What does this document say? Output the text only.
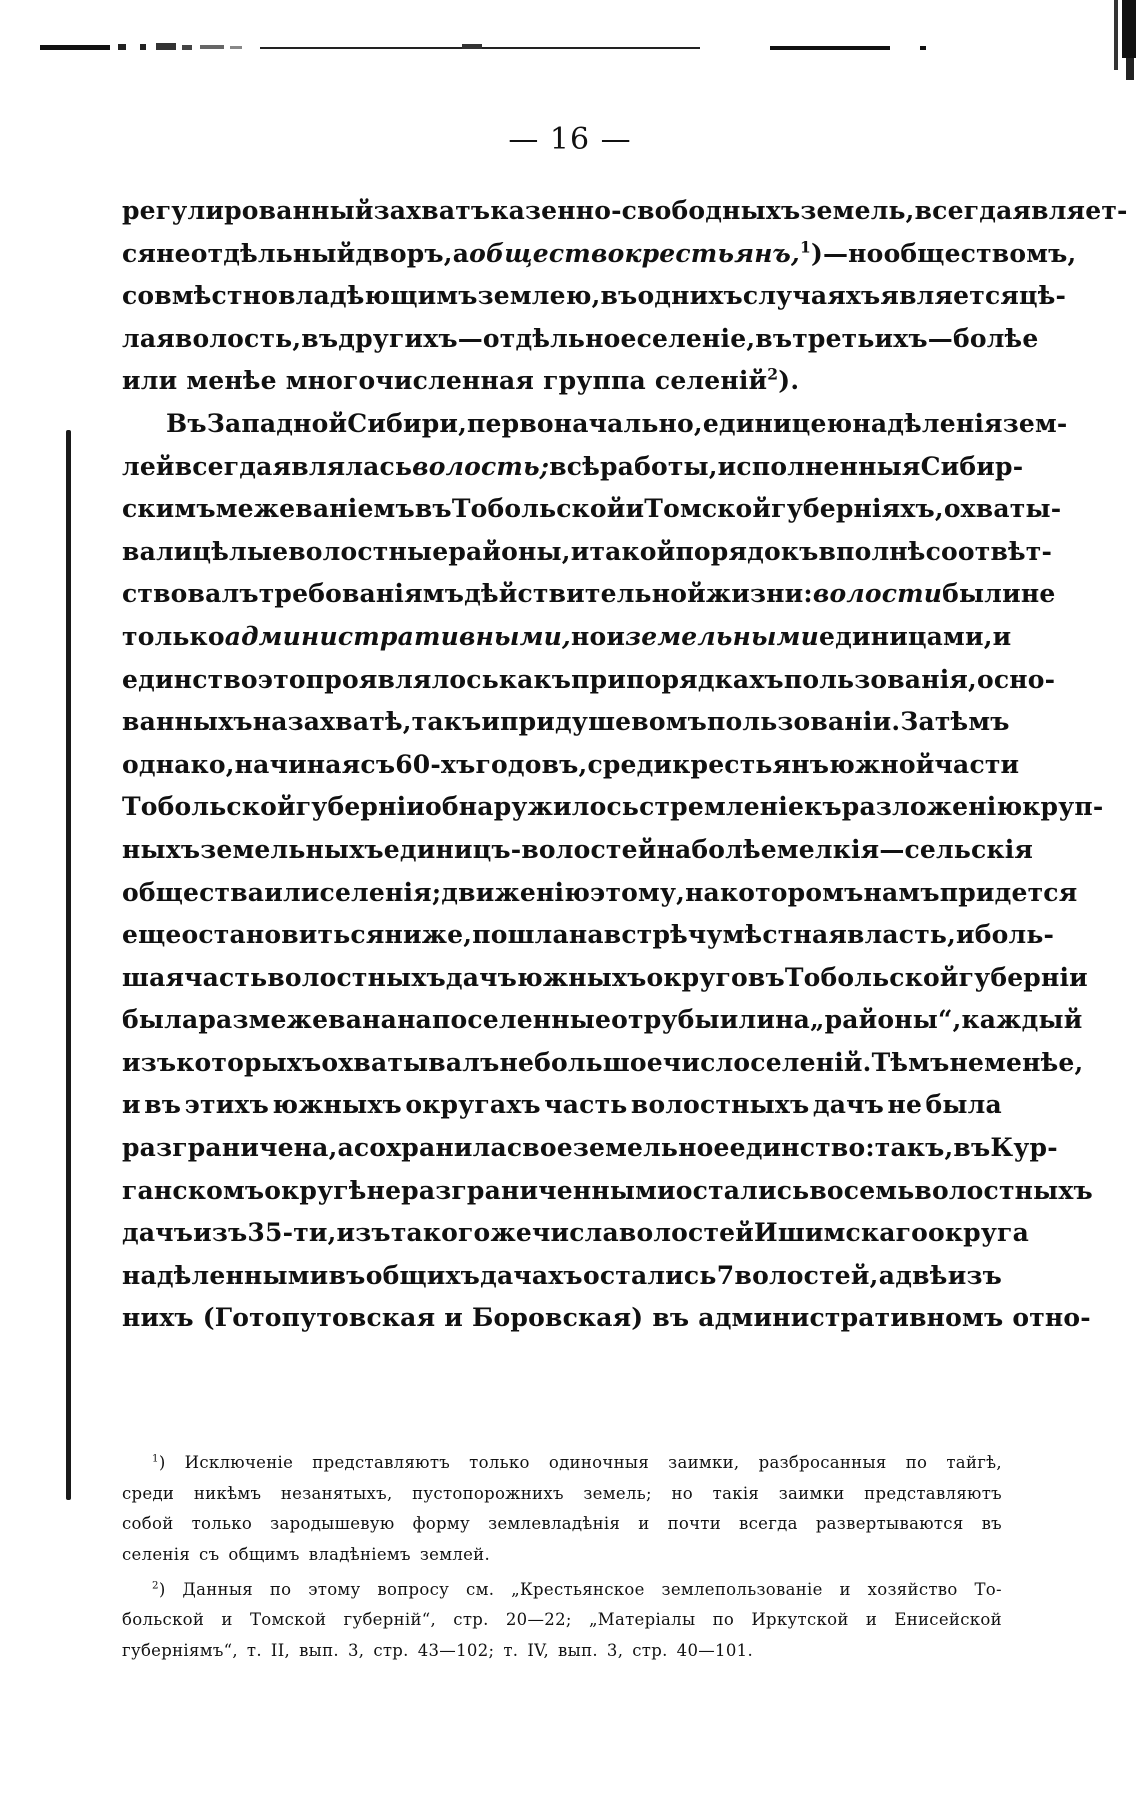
— 16 —
регулированный захватъ казенно-свободныхъ земель, всегда являет-
ся не отдѣльный дворъ, а общество крестьянъ,$^1$)—но обществомъ,
совмѣстно владѣющимъ землею, въ однихъ случаяхъ является цѣ-
лая волость, въ другихъ—отдѣльное селеніе, въ третьихъ —болѣе
или менѣе многочисленная группа селеній$^2$).
Въ Западной Сибири, первоначально, единицею надѣленія зем-
лей всегда являлась волость; всѣ работы, исполненныя Сибир-
скимъ межеваніемъ въ Тобольской и Томской губерніяхъ, охваты-
вали цѣлые волостные районы, и такой порядокъ вполнѣ соотвѣт-
ствовалъ требованіямъ дѣйствительной жизни: волости были не
только административными, но и земельными единицами, и
единство это проявлялось какъ при порядкахъ пользованія, осно-
ванныхъ на захватѣ, такъ и при душевомъ пользованіи. Затѣмъ
однако, начиная съ 60-хъ годовъ, среди крестьянъ южной части
Тобольской губерніи обнаружилось стремленіе къ разложенію круп-
ныхъ земельныхъ единицъ-волостей на болѣе мелкія—сельскія
общества или селенія; движенію этому, на которомъ намъ придется
еще остановиться ниже, пошла на встрѣчу мѣстная власть, и боль-
шая часть волостныхъ дачъ южныхъ округовъ Тобольской губерніи
была размежевана на поселенные отрубы или на „районы“, каждый
изъ которыхъ охватывалъ небольшое число селеній. Тѣмъ не менѣе,
и въ этихъ южныхъ округахъ часть волостныхъ дачъ не была
разграничена, а сохранила свое земельное единство: такъ, въ Кур-
ганскомъ округѣ неразграниченными остались восемь волостныхъ
дачъ изъ 35-ти, изъ такого же числа волостей Ишимскаго округа
надѣленными въ общихъ дачахъ остались 7 волостей, а двѣ изъ
нихъ (Готопутовская и Боровская) въ административномъ отно-
$^1$) Исключеніе представляютъ только одиночныя заимки, разбросанныя по тайгѣ,
среди никѣмъ незанятыхъ, пустопорожнихъ земель; но такія заимки представляютъ
собой только зародышевую форму землевладѣнія и почти всегда развертываются въ
селенія съ общимъ владѣніемъ землей.
$^2$) Данныя по этому вопросу см. „Крестьянское землепользованіе и хозяйство То-
больской и Томской губерній“, стр. 20—22; „Матеріалы по Иркутской и Енисейской
губерніямъ“, т. II, вып. 3, стр. 43—102; т. IV, вып. 3, стр. 40—101.
